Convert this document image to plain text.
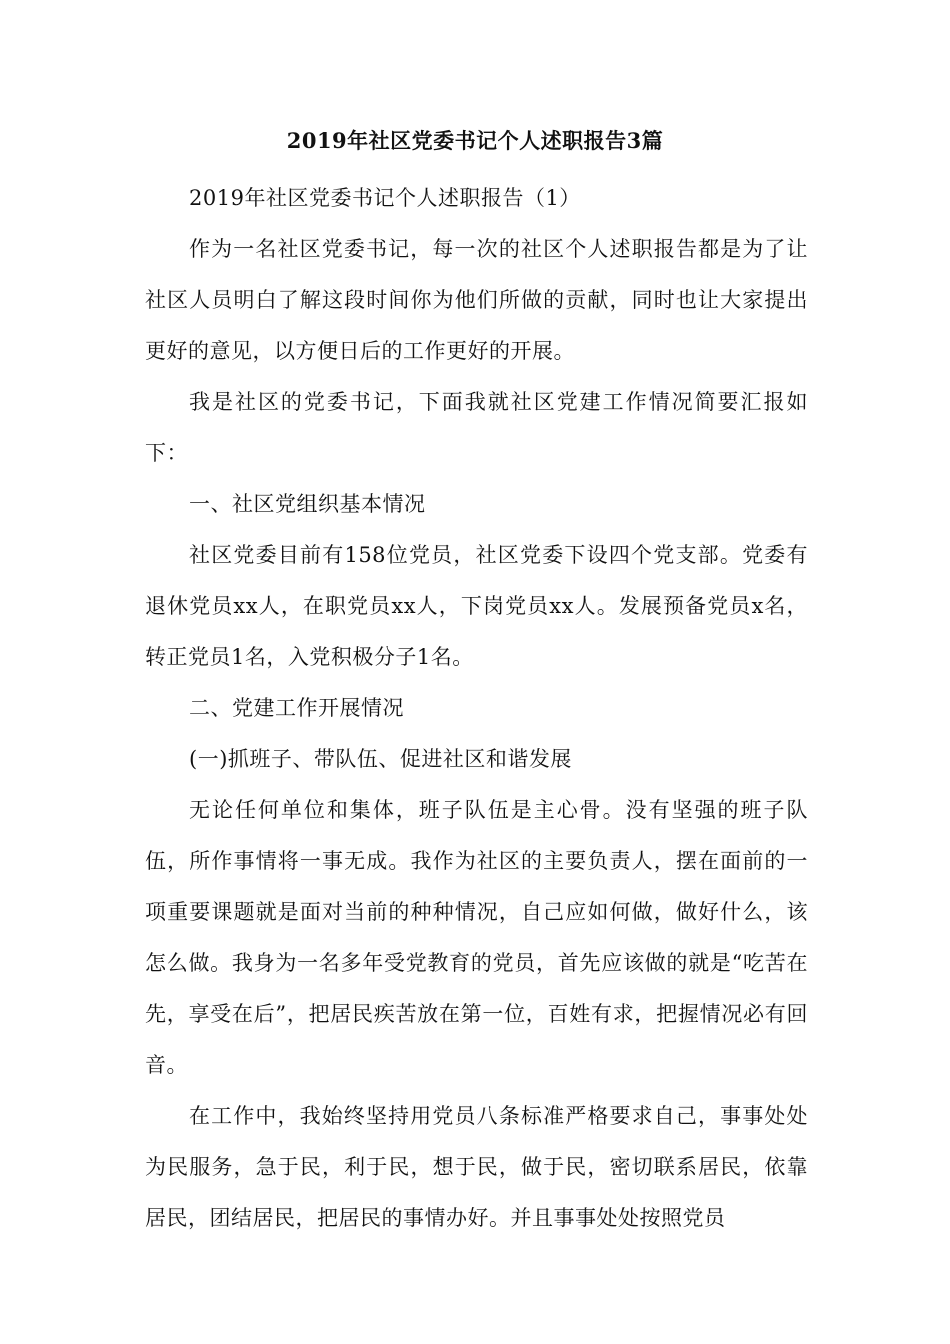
2019年社区党委书记个人述职报告3篇

2019年社区党委书记个人述职报告（1）

作为一名社区党委书记，每一次的社区个人述职报告都是为了让社区人员明白了解这段时间你为他们所做的贡献，同时也让大家提出更好的意见，以方便日后的工作更好的开展。

我是社区的党委书记，下面我就社区党建工作情况简要汇报如下：

一、社区党组织基本情况

社区党委目前有158位党员，社区党委下设四个党支部。党委有退休党员xx人，在职党员xx人，下岗党员xx人。发展预备党员x名，转正党员1名，入党积极分子1名。

二、党建工作开展情况

(一)抓班子、带队伍、促进社区和谐发展

无论任何单位和集体，班子队伍是主心骨。没有坚强的班子队伍，所作事情将一事无成。我作为社区的主要负责人，摆在面前的一项重要课题就是面对当前的种种情况，自己应如何做，做好什么，该怎么做。我身为一名多年受党教育的党员，首先应该做的就是“吃苦在先，享受在后”，把居民疾苦放在第一位，百姓有求，把握情况必有回音。

在工作中，我始终坚持用党员八条标准严格要求自己，事事处处为民服务，急于民，利于民，想于民，做于民，密切联系居民，依靠居民，团结居民，把居民的事情办好。并且事事处处按照党员
